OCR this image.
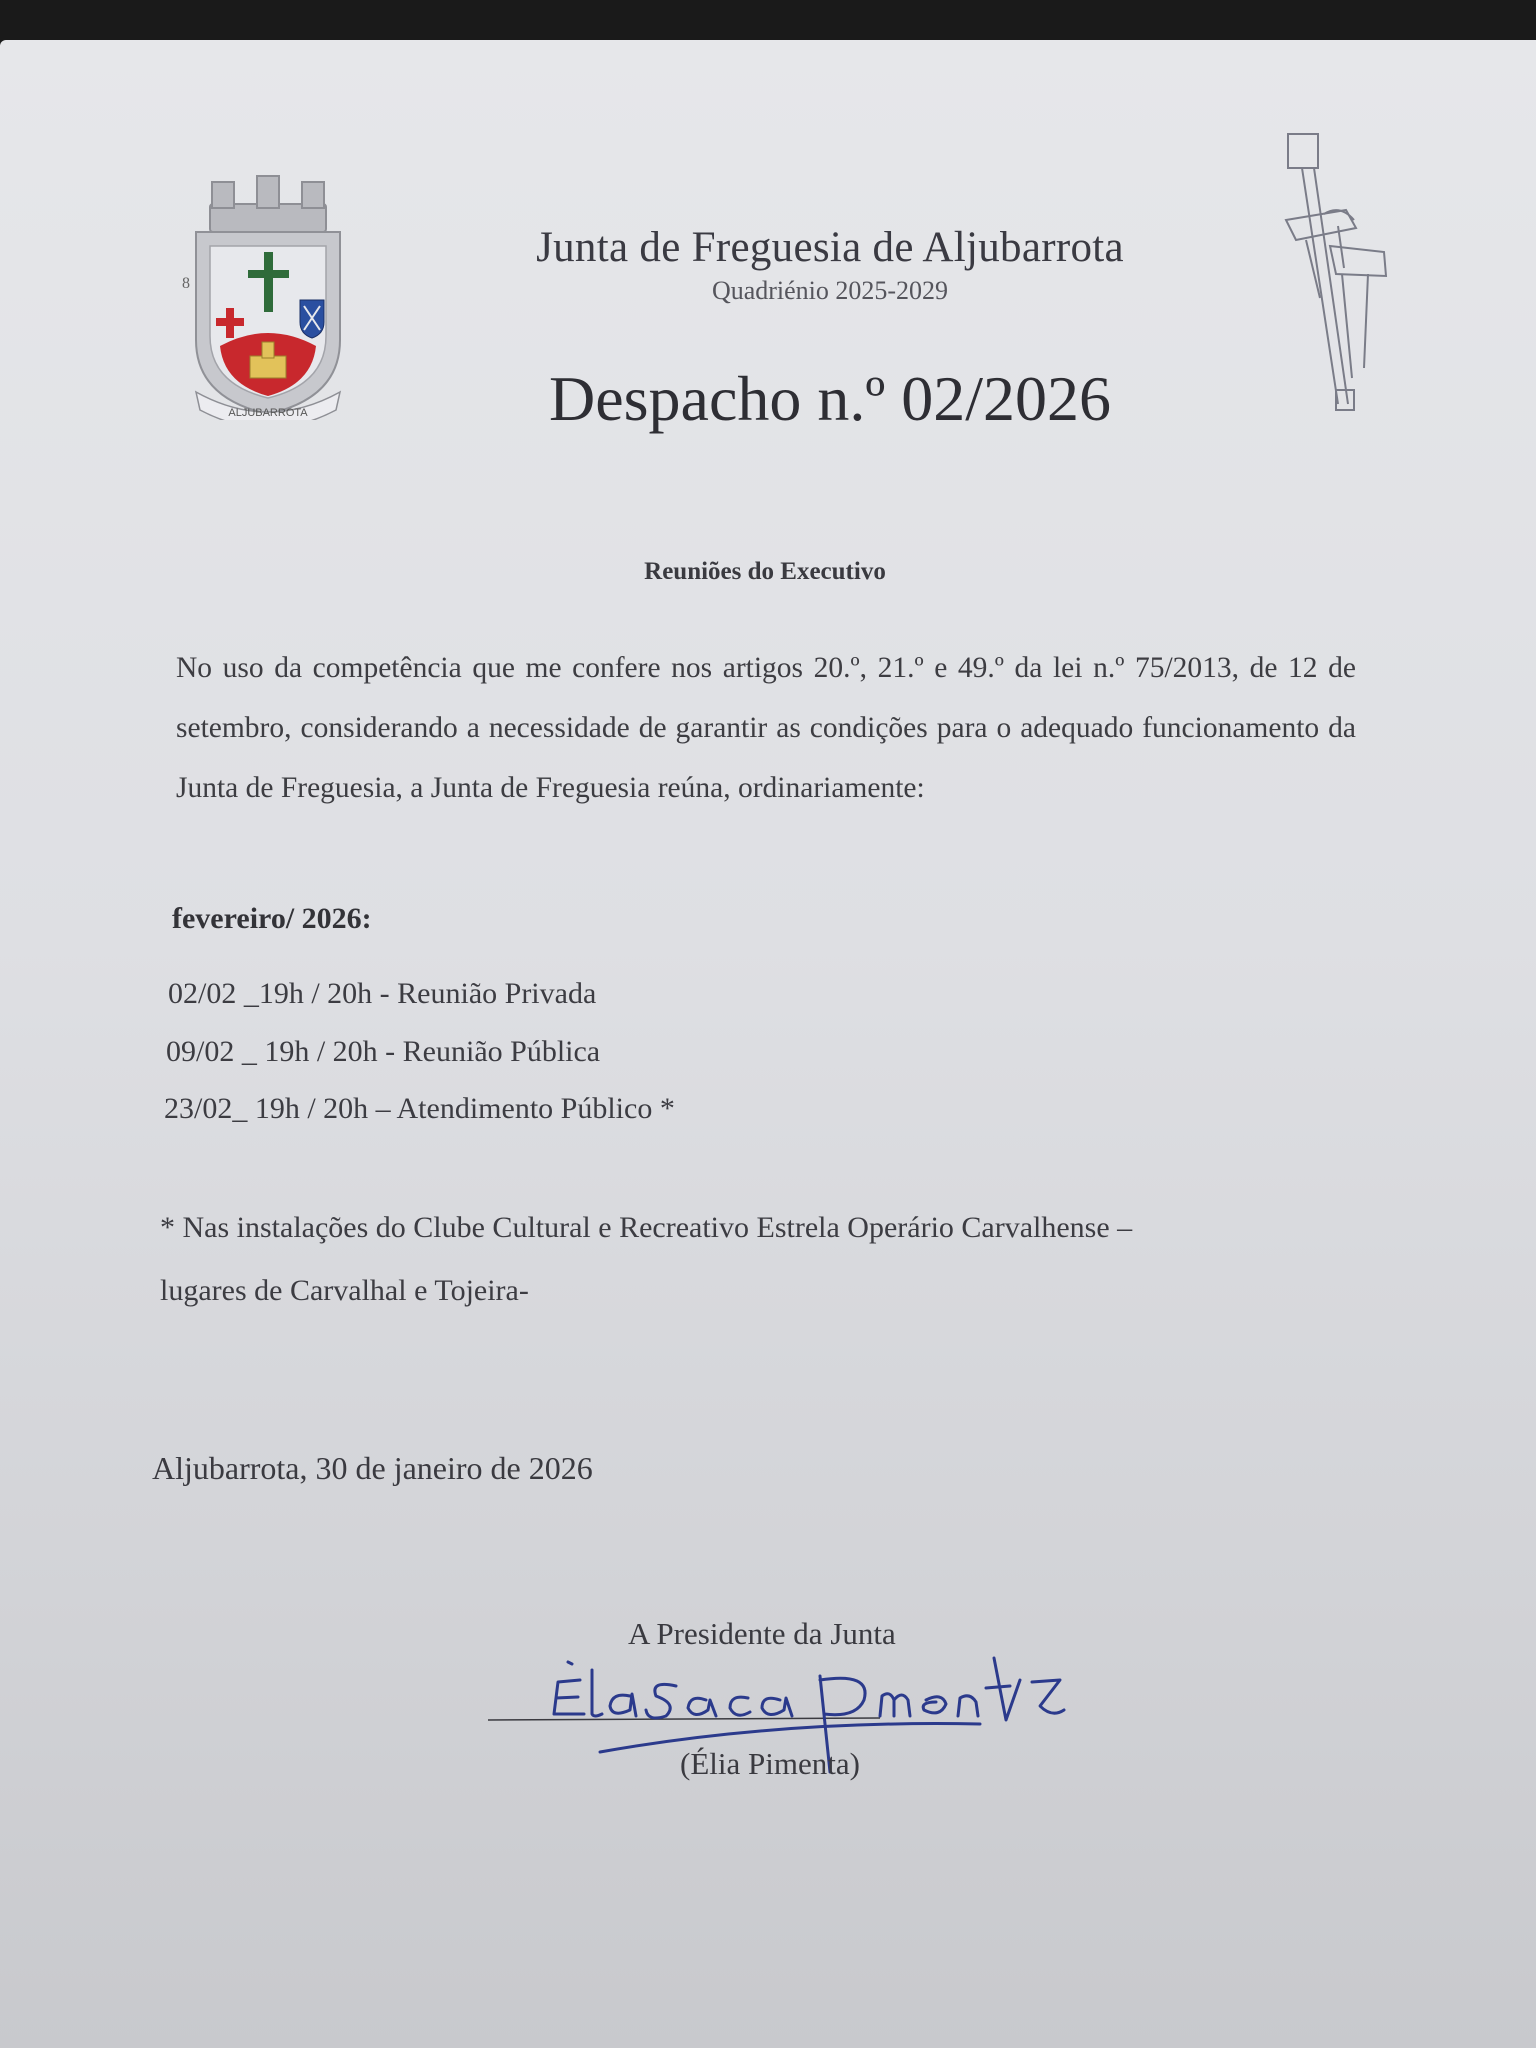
8
ALJUBARROTA
Junta de Freguesia de Aljubarrota
Quadriénio 2025-2029
Despacho n.º 02/2026
Reuniões do Executivo
No uso da competência que me confere nos artigos 20.º, 21.º e 49.º da lei n.º 75/2013, de 12 de setembro, considerando a necessidade de garantir as condições para o adequado funcionamento da Junta de Freguesia, a Junta de Freguesia reúna, ordinariamente:
fevereiro/ 2026:
02/02 _19h / 20h - Reunião Privada
09/02 _ 19h / 20h - Reunião Pública
23/02_ 19h / 20h – Atendimento Público *
* Nas instalações do Clube Cultural e Recreativo Estrela Operário Carvalhense –
lugares de Carvalhal e Tojeira-
Aljubarrota, 30 de janeiro de 2026
A Presidente da Junta
(Élia Pimenta)
